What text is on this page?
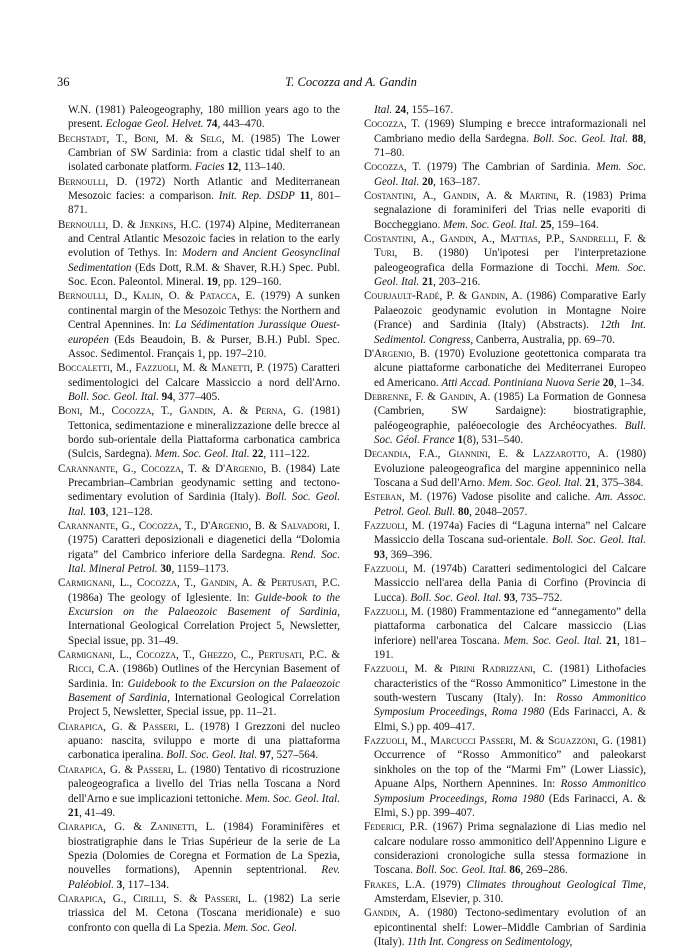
36	T. Cocozza and A. Gandin

W.N. (1981) Paleogeography, 180 million years ago to the present. Eclogae Geol. Helvet. 74, 443–470.

Bechstadt, T., Boni, M. & Selg, M. (1985) The Lower Cambrian of SW Sardinia: from a clastic tidal shelf to an isolated carbonate platform. Facies 12, 113–140.

Bernoulli, D. (1972) North Atlantic and Mediterranean Mesozoic facies: a comparison. Init. Rep. DSDP 11, 801–871.

Bernoulli, D. & Jenkins, H.C. (1974) Alpine, Mediterranean and Central Atlantic Mesozoic facies in relation to the early evolution of Tethys. In: Modern and Ancient Geosynclinal Sedimentation (Eds Dott, R.M. & Shaver, R.H.) Spec. Publ. Soc. Econ. Paleontol. Mineral. 19, pp. 129–160.

Bernoulli, D., Kalin, O. & Patacca, E. (1979) A sunken continental margin of the Mesozoic Tethys: the Northern and Central Apennines. In: La Sédimentation Jurassique Ouest-européen (Eds Beaudoin, B. & Purser, B.H.) Publ. Spec. Assoc. Sedimentol. Français 1, pp. 197–210.

Boccaletti, M., Fazzuoli, M. & Manetti, P. (1975) Caratteri sedimentologici del Calcare Massiccio a nord dell'Arno. Boll. Soc. Geol. Ital. 94, 377–405.

Boni, M., Cocozza, T., Gandin, A. & Perna, G. (1981) Tettonica, sedimentazione e mineralizzazione delle brecce al bordo sub-orientale della Piattaforma carbonatica cambrica (Sulcis, Sardegna). Mem. Soc. Geol. Ital. 22, 111–122.

Carannante, G., Cocozza, T. & D'Argenio, B. (1984) Late Precambrian–Cambrian geodynamic setting and tectono-sedimentary evolution of Sardinia (Italy). Boll. Soc. Geol. Ital. 103, 121–128.

Carannante, G., Cocozza, T., D'Argenio, B. & Salvadori, I. (1975) Caratteri deposizionali e diagenetici della “Dolomia rigata” del Cambrico inferiore della Sardegna. Rend. Soc. Ital. Mineral Petrol. 30, 1159–1173.

Carmignani, L., Cocozza, T., Gandin, A. & Pertusati, P.C. (1986a) The geology of Iglesiente. In: Guide-book to the Excursion on the Palaeozoic Basement of Sardinia, International Geological Correlation Project 5, Newsletter, Special issue, pp. 31–49.

Carmignani, L., Cocozza, T., Ghezzo, C., Pertusati, P.C. & Ricci, C.A. (1986b) Outlines of the Hercynian Basement of Sardinia. In: Guidebook to the Excursion on the Palaeozoic Basement of Sardinia, International Geological Correlation Project 5, Newsletter, Special issue, pp. 11–21.

Ciarapica, G. & Passeri, L. (1978) I Grezzoni del nucleo apuano: nascita, sviluppo e morte di una piattaforma carbonatica iperalina. Boll. Soc. Geol. Ital. 97, 527–564.

Ciarapica, G. & Passeri, L. (1980) Tentativo di ricostruzione paleogeografica a livello del Trias nella Toscana a Nord dell'Arno e sue implicazioni tettoniche. Mem. Soc. Geol. Ital. 21, 41–49.

Ciarapica, G. & Zaninetti, L. (1984) Foraminifères et biostratigraphie dans le Trias Supérieur de la serie de La Spezia (Dolomies de Coregna et Formation de La Spezia, nouvelles formations), Apennin septentrional. Rev. Paléobiol. 3, 117–134.

Ciarapica, G., Cirilli, S. & Passeri, L. (1982) La serie triassica del M. Cetona (Toscana meridionale) e suo confronto con quella di La Spezia. Mem. Soc. Geol.

Ital. 24, 155–167.

Cocozza, T. (1969) Slumping e brecce intraformazionali nel Cambriano medio della Sardegna. Boll. Soc. Geol. Ital. 88, 71–80.

Cocozza, T. (1979) The Cambrian of Sardinia. Mem. Soc. Geol. Ital. 20, 163–187.

Costantini, A., Gandin, A. & Martini, R. (1983) Prima segnalazione di foraminiferi del Trias nelle evaporiti di Boccheggiano. Mem. Soc. Geol. Ital. 25, 159–164.

Costantini, A., Gandin, A., Mattias, P.P., Sandrelli, F. & Turi, B. (1980) Un'ipotesi per l'interpretazione paleogeografica della Formazione di Tocchi. Mem. Soc. Geol. Ital. 21, 203–216.

Courjault-Radé, P. & Gandin, A. (1986) Comparative Early Palaeozoic geodynamic evolution in Montagne Noire (France) and Sardinia (Italy) (Abstracts). 12th Int. Sedimentol. Congress, Canberra, Australia, pp. 69–70.

D'Argenio, B. (1970) Evoluzione geotettonica comparata tra alcune piattaforme carbonatiche dei Mediterranei Europeo ed Americano. Atti Accad. Pontiniana Nuova Serie 20, 1–34.

Debrenne, F. & Gandin, A. (1985) La Formation de Gonnesa (Cambrien, SW Sardaigne): biostratigraphie, paléogeographie, paléoecologie des Archéocyathes. Bull. Soc. Géol. France 1(8), 531–540.

Decandia, F.A., Giannini, E. & Lazzarotto, A. (1980) Evoluzione paleogeografica del margine appenninico nella Toscana a Sud dell'Arno. Mem. Soc. Geol. Ital. 21, 375–384.

Esteban, M. (1976) Vadose pisolite and caliche. Am. Assoc. Petrol. Geol. Bull. 80, 2048–2057.

Fazzuoli, M. (1974a) Facies di “Laguna interna” nel Calcare Massiccio della Toscana sud-orientale. Boll. Soc. Geol. Ital. 93, 369–396.

Fazzuoli, M. (1974b) Caratteri sedimentologici del Calcare Massiccio nell'area della Pania di Corfino (Provincia di Lucca). Boll. Soc. Geol. Ital. 93, 735–752.

Fazzuoli, M. (1980) Frammentazione ed “annegamento” della piattaforma carbonatica del Calcare massiccio (Lias inferiore) nell'area Toscana. Mem. Soc. Geol. Ital. 21, 181–191.

Fazzuoli, M. & Pirini Radrizzani, C. (1981) Lithofacies characteristics of the “Rosso Ammonitico” Limestone in the south-western Tuscany (Italy). In: Rosso Ammonitico Symposium Proceedings, Roma 1980 (Eds Farinacci, A. & Elmi, S.) pp. 409–417.

Fazzuoli, M., Marcucci Passeri, M. & Sguazzoni, G. (1981) Occurrence of “Rosso Ammonitico” and paleokarst sinkholes on the top of the “Marmi Fm” (Lower Liassic), Apuane Alps, Northern Apennines. In: Rosso Ammonitico Symposium Proceedings, Roma 1980 (Eds Farinacci, A. & Elmi, S.) pp. 399–407.

Federici, P.R. (1967) Prima segnalazione di Lias medio nel calcare nodulare rosso ammonitico dell'Appennino Ligure e considerazioni cronologiche sulla stessa formazione in Toscana. Boll. Soc. Geol. Ital. 86, 269–286.

Frakes, L.A. (1979) Climates throughout Geological Time, Amsterdam, Elsevier, p. 310.

Gandin, A. (1980) Tectono-sedimentary evolution of an epicontinental shelf: Lower–Middle Cambrian of Sardinia (Italy). 11th Int. Congress on Sedimentology,
